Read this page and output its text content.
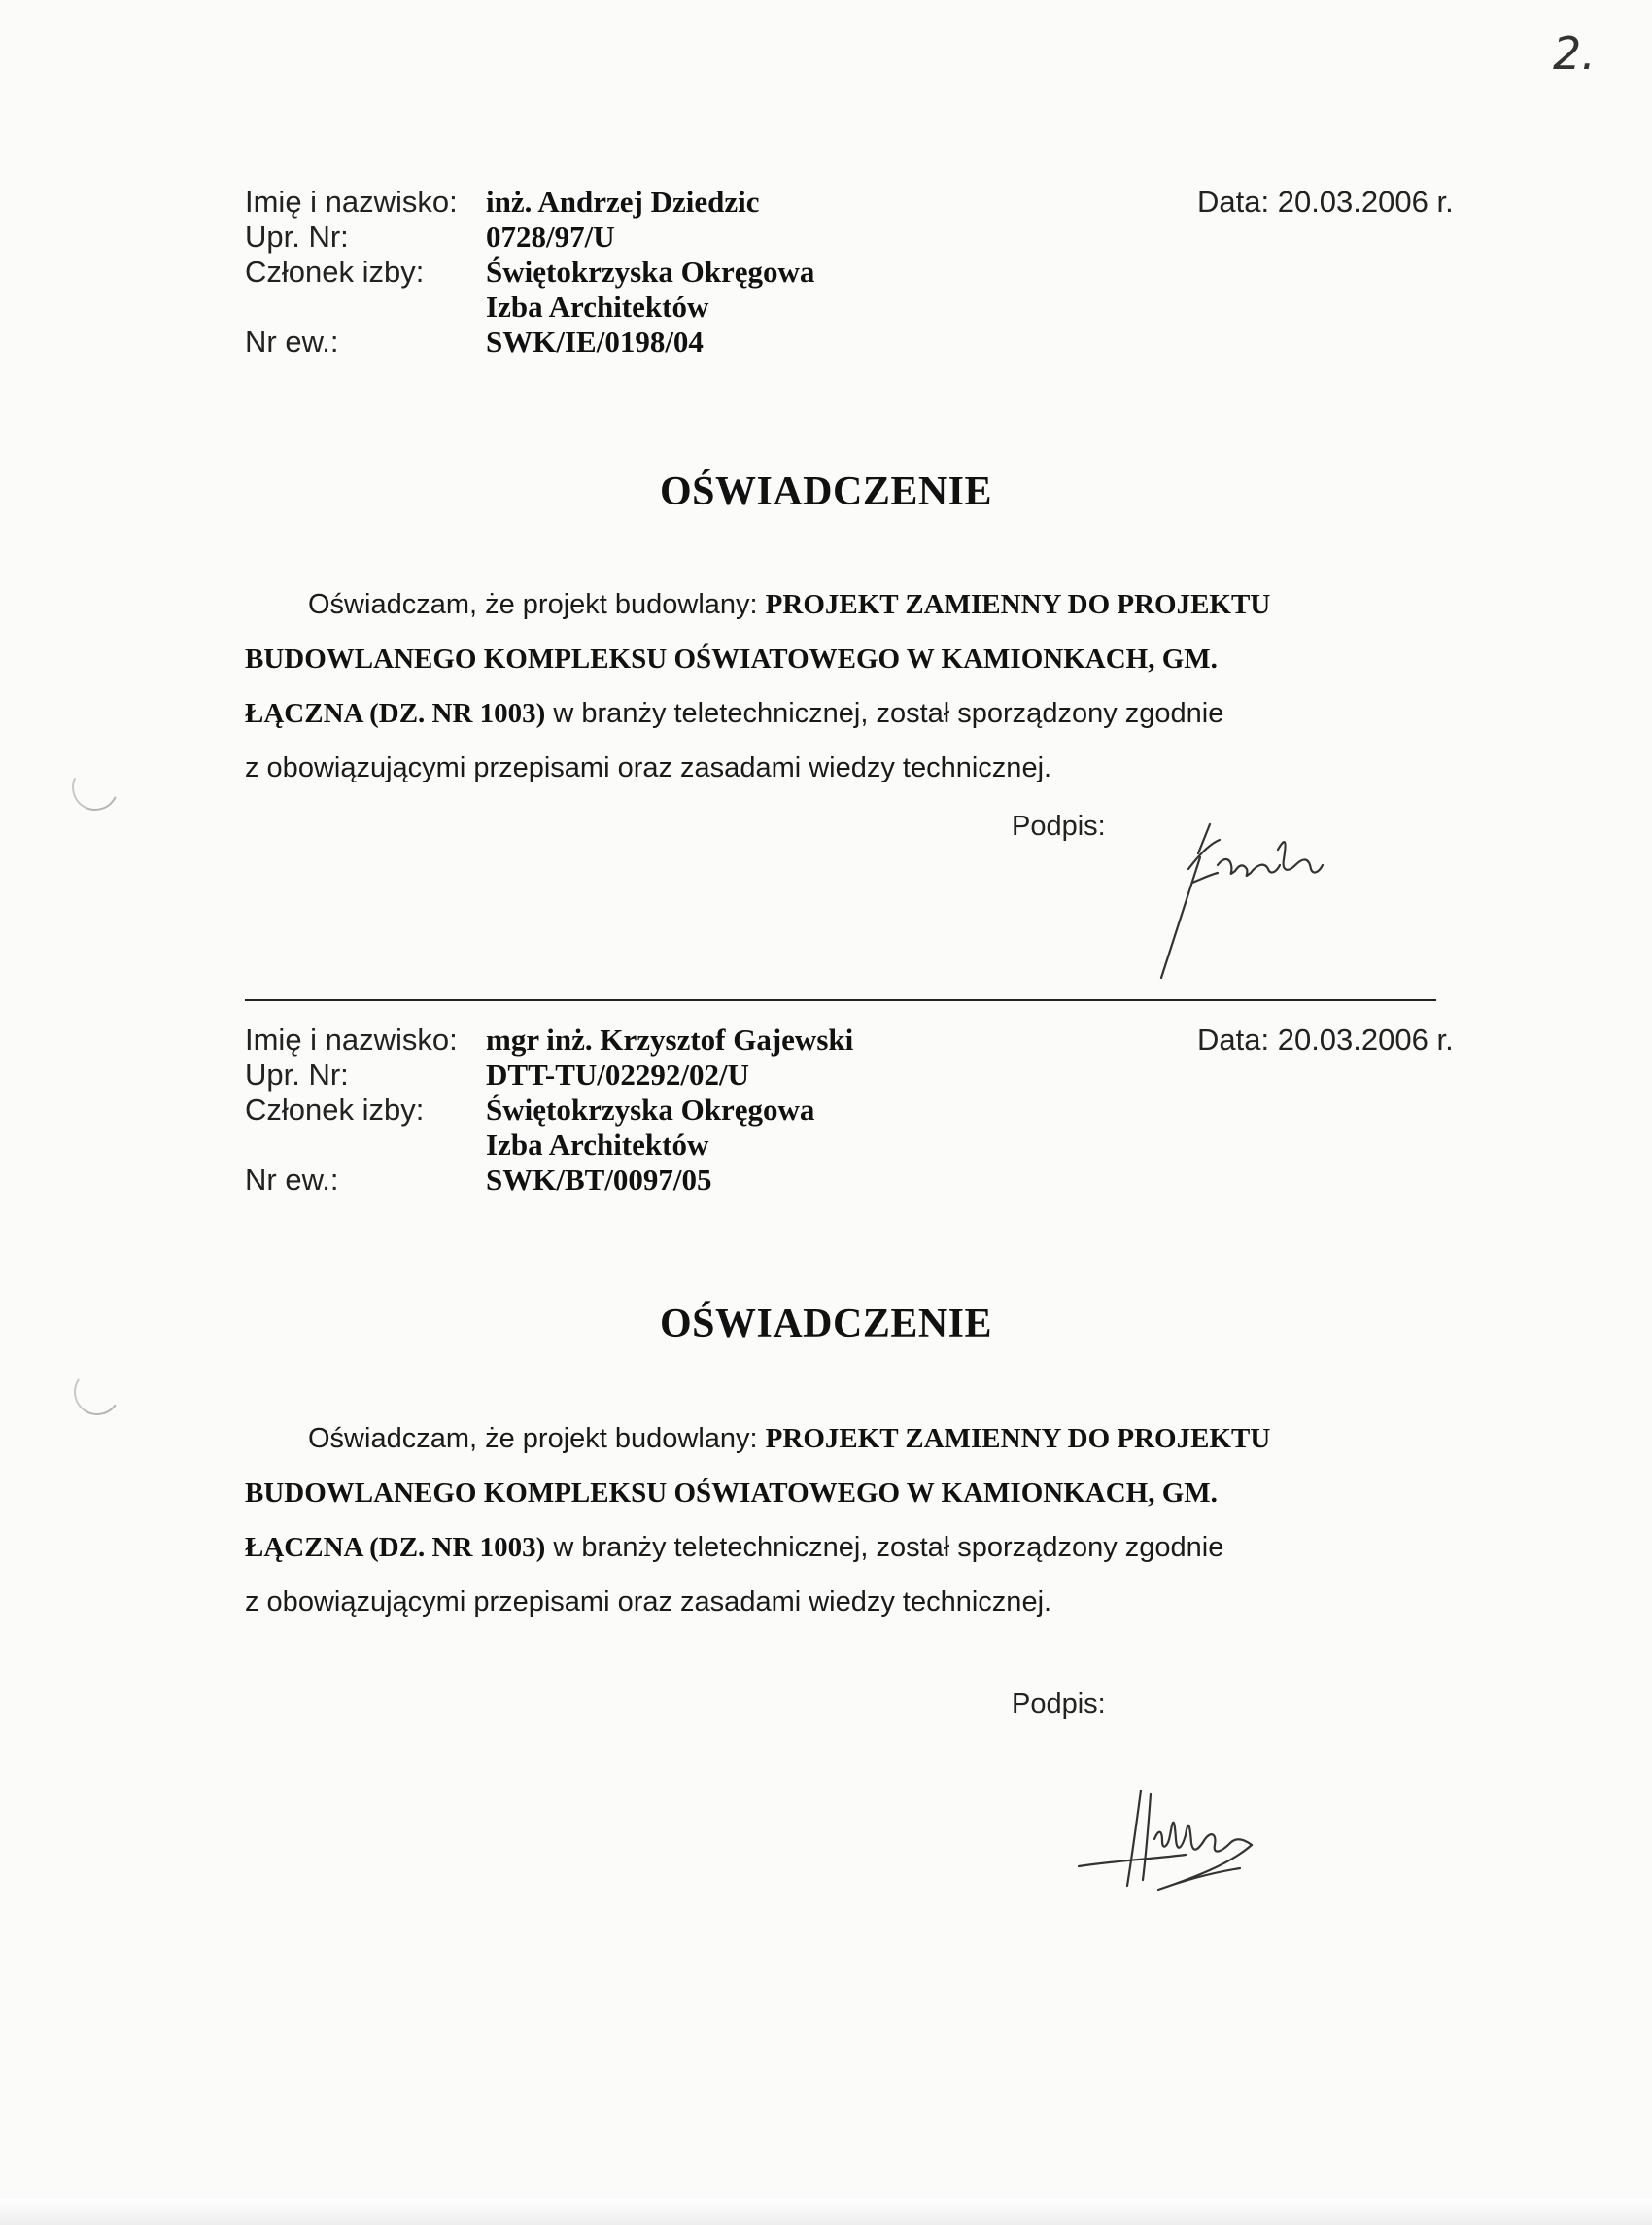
2.
Imię i nazwisko: inż. Andrzej Dziedzic
Upr. Nr:	0728/97/U
Członek izby:	Świętokrzyska Okręgowa
Izba Architektów
Nr ew.:	SWK/IE/0198/04
Data: 20.03.2006 r.
OŚWIADCZENIE
Oświadczam, że projekt budowlany: PROJEKT ZAMIENNY DO PROJEKTU
BUDOWLANEGO KOMPLEKSU OŚWIATOWEGO W KAMIONKACH, GM.
ŁĄCZNA (DZ. NR 1003) w branży teletechnicznej, został sporządzony zgodnie
z obowiązującymi przepisami oraz zasadami wiedzy technicznej.
Podpis:
Imię i nazwisko: mgr inż. Krzysztof Gajewski
Upr. Nr:	DTT-TU/02292/02/U
Członek izby:	Świętokrzyska Okręgowa
Izba Architektów
Nr ew.:	SWK/BT/0097/05
Data: 20.03.2006 r.
OŚWIADCZENIE
Oświadczam, że projekt budowlany: PROJEKT ZAMIENNY DO PROJEKTU
BUDOWLANEGO KOMPLEKSU OŚWIATOWEGO W KAMIONKACH, GM.
ŁĄCZNA (DZ. NR 1003) w branży teletechnicznej, został sporządzony zgodnie
z obowiązującymi przepisami oraz zasadami wiedzy technicznej.
Podpis:
